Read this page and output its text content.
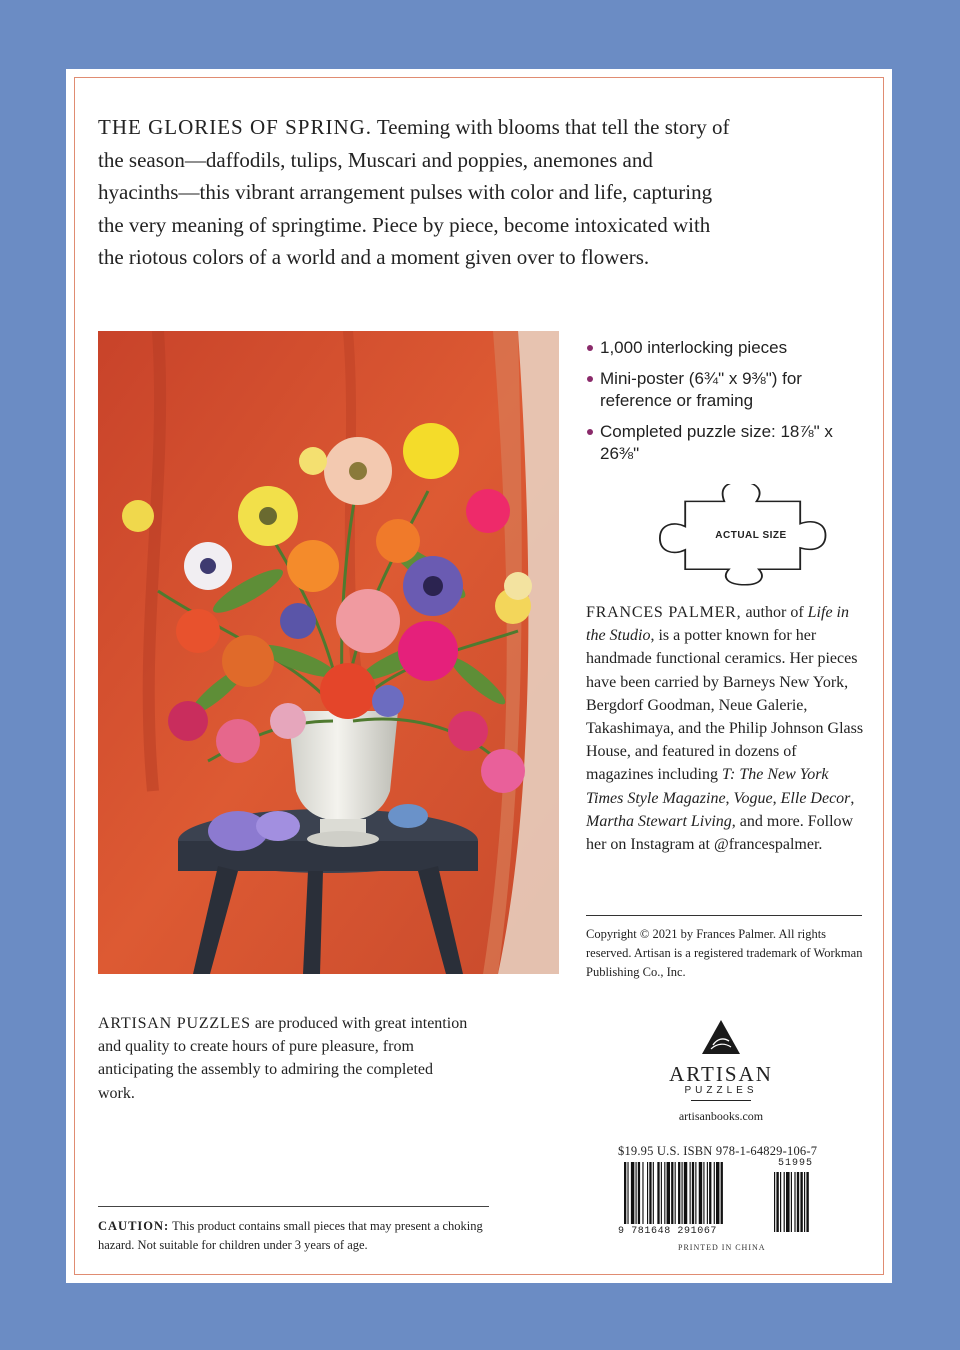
THE GLORIES OF SPRING. Teeming with blooms that tell the story of the season—daffodils, tulips, Muscari and poppies, anemones and hyacinths—this vibrant arrangement pulses with color and life, capturing the very meaning of springtime. Piece by piece, become intoxicated with the riotous colors of a world and a moment given over to flowers.

1,000 interlocking pieces
Mini-poster (6¾" x 9⅜") for reference or framing
Completed puzzle size: 18⅞" x 26⅜"
ACTUAL SIZE

FRANCES PALMER, author of Life in the Studio, is a potter known for her handmade functional ceramics. Her pieces have been carried by Barneys New York, Bergdorf Goodman, Neue Galerie, Takashimaya, and the Philip Johnson Glass House, and featured in dozens of magazines including T: The New York Times Style Magazine, Vogue, Elle Decor, Martha Stewart Living, and more. Follow her on Instagram at @francespalmer.

Copyright © 2021 by Frances Palmer. All rights reserved. Artisan is a registered trademark of Workman Publishing Co., Inc.

ARTISAN PUZZLES are produced with great intention and quality to create hours of pure pleasure, from anticipating the assembly to admiring the completed work.

ARTISAN
PUZZLES
artisanbooks.com
$19.95 U.S. ISBN 978-1-64829-106-7
9 781648 291067
51995
PRINTED IN CHINA

CAUTION: This product contains small pieces that may present a choking hazard. Not suitable for children under 3 years of age.
